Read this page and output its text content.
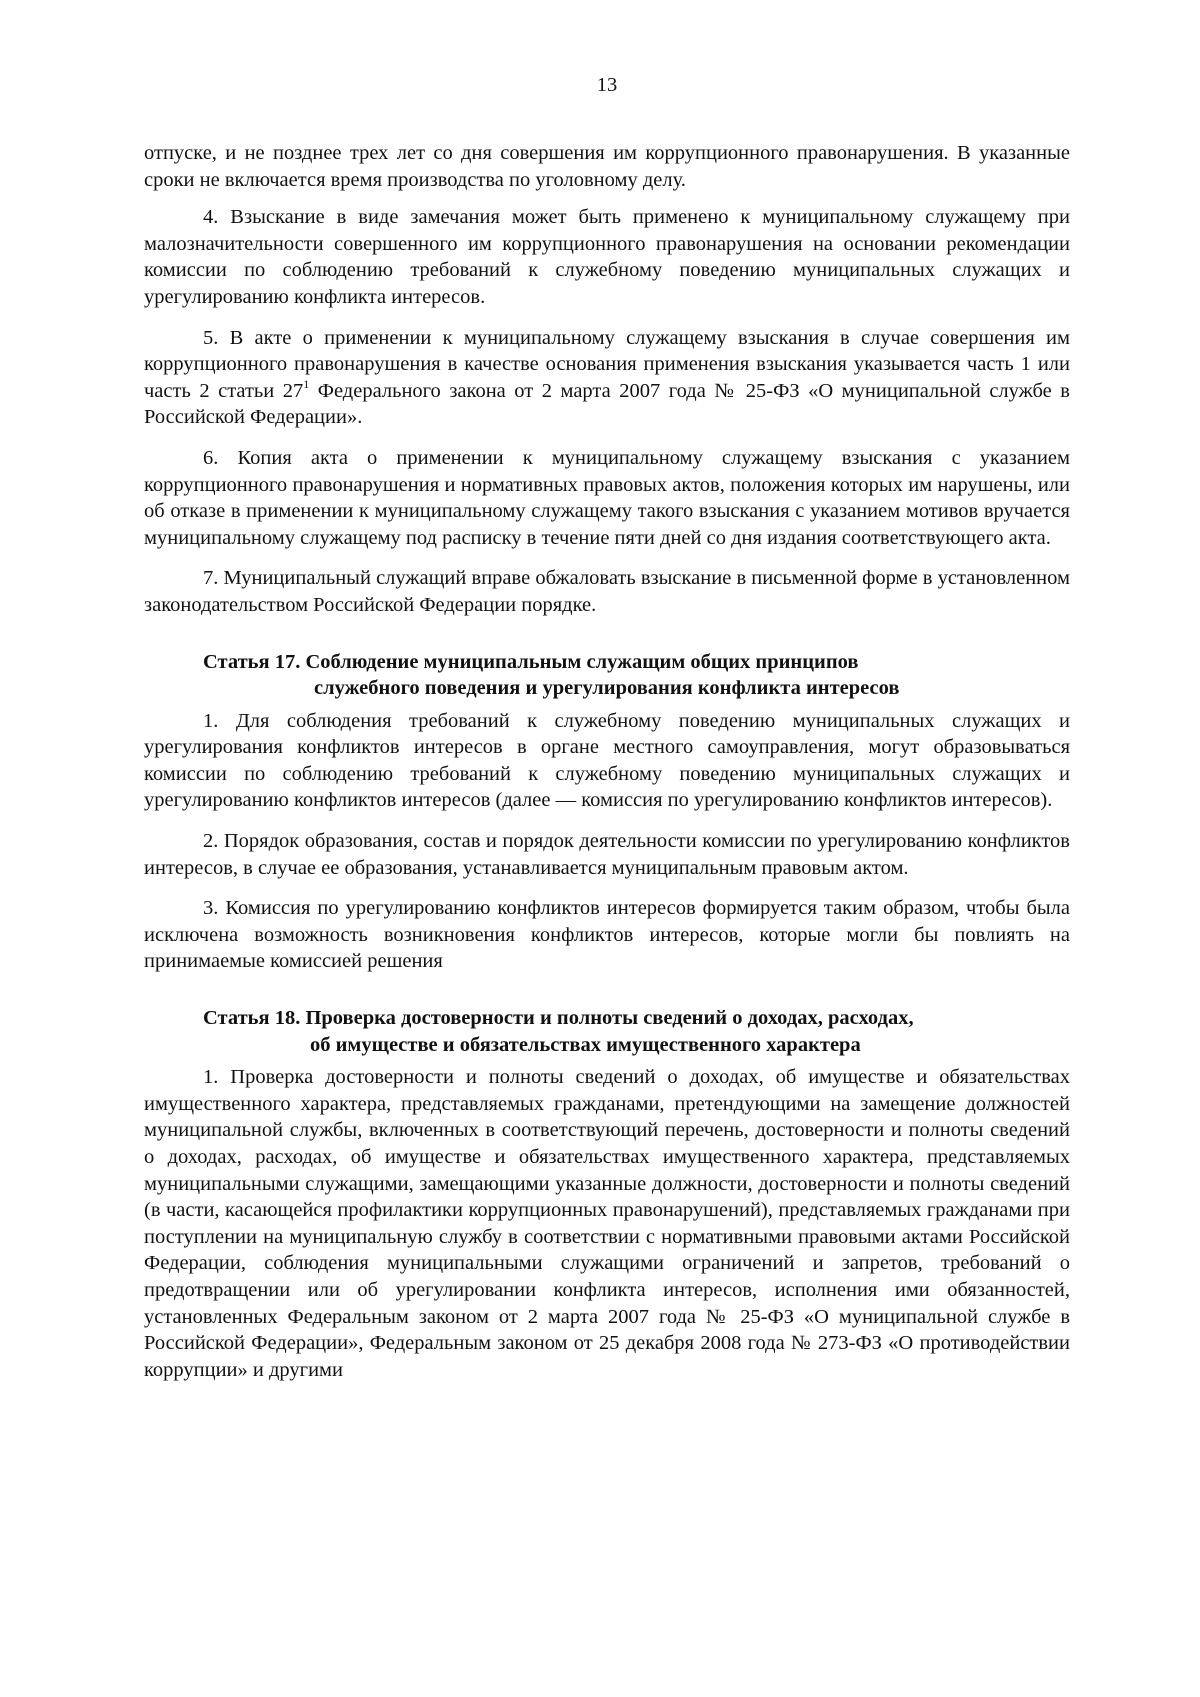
13

отпуске, и не позднее трех лет со дня совершения им коррупционного правонарушения. В указанные сроки не включается время производства по уголовному делу.

4. Взыскание в виде замечания может быть применено к муниципальному служащему при малозначительности совершенного им коррупционного правонарушения на основании рекомендации комиссии по соблюдению требований к служебному поведению муниципальных служащих и урегулированию конфликта интересов.

5. В акте о применении к муниципальному служащему взыскания в случае совершения им коррупционного правонарушения в качестве основания применения взыскания указывается часть 1 или часть 2 статьи $27^1$ Федерального закона от 2 марта 2007 года № 25-ФЗ «О муниципальной службе в Российской Федерации».

6. Копия акта о применении к муниципальному служащему взыскания с указанием коррупционного правонарушения и нормативных правовых актов, положения которых им нарушены, или об отказе в применении к муниципальному служащему такого взыскания с указанием мотивов вручается муниципальному служащему под расписку в течение пяти дней со дня издания соответствующего акта.

7. Муниципальный служащий вправе обжаловать взыскание в письменной форме в установленном законодательством Российской Федерации порядке.

Статья 17. Соблюдение муниципальным служащим общих принципов
служебного поведения и урегулирования конфликта интересов

1. Для соблюдения требований к служебному поведению муниципальных служащих и урегулирования конфликтов интересов в органе местного самоуправления, могут образовываться комиссии по соблюдению требований к служебному поведению муниципальных служащих и урегулированию конфликтов интересов (далее — комиссия по урегулированию конфликтов интересов).

2. Порядок образования, состав и порядок деятельности комиссии по урегулированию конфликтов интересов, в случае ее образования, устанавливается муниципальным правовым актом.

3. Комиссия по урегулированию конфликтов интересов формируется таким образом, чтобы была исключена возможность возникновения конфликтов интересов, которые могли бы повлиять на принимаемые комиссией решения

Статья 18. Проверка достоверности и полноты сведений о доходах, расходах,
об имуществе и обязательствах имущественного характера

1. Проверка достоверности и полноты сведений о доходах, об имуществе и обязательствах имущественного характера, представляемых гражданами, претендующими на замещение должностей муниципальной службы, включенных в соответствующий перечень, достоверности и полноты сведений о доходах, расходах, об имуществе и обязательствах имущественного характера, представляемых муниципальными служащими, замещающими указанные должности, достоверности и полноты сведений (в части, касающейся профилактики коррупционных правонарушений), представляемых гражданами при поступлении на муниципальную службу в соответствии с нормативными правовыми актами Российской Федерации, соблюдения муниципальными служащими ограничений и запретов, требований о предотвращении или об урегулировании конфликта интересов, исполнения ими обязанностей, установленных Федеральным законом от 2 марта 2007 года № 25-ФЗ «О муниципальной службе в Российской Федерации», Федеральным законом от 25 декабря 2008 года № 273-ФЗ «О противодействии коррупции» и другими
